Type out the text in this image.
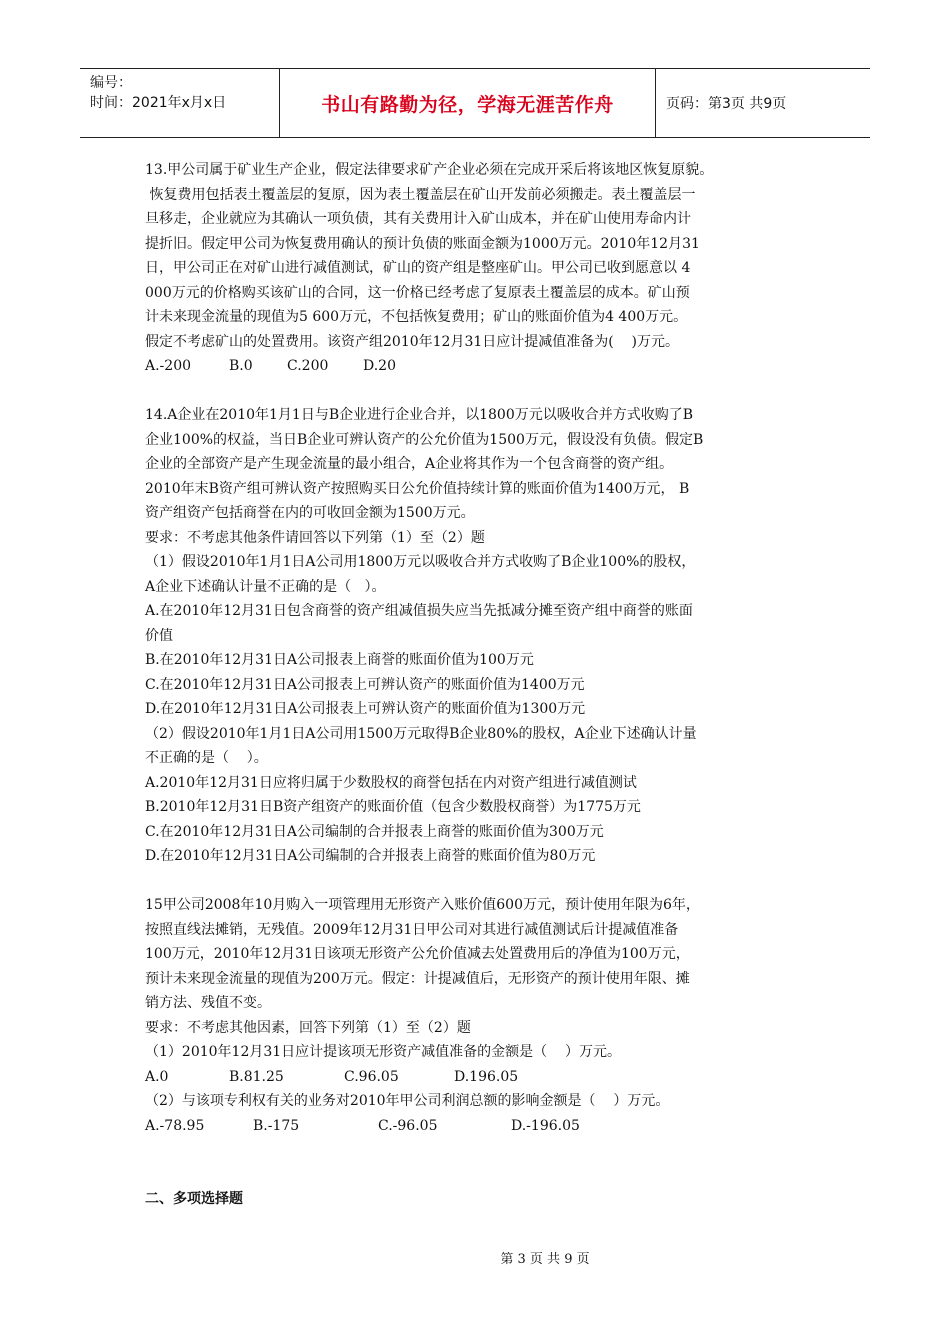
编号：
时间：2021年x月x日	书山有路勤为径，学海无涯苦作舟	页码：第3页 共9页

13.甲公司属于矿业生产企业，假定法律要求矿产企业必须在完成开采后将该地区恢复原貌。

恢复费用包括表土覆盖层的复原，因为表土覆盖层在矿山开发前必须搬走。表土覆盖层一

旦移走，企业就应为其确认一项负债，其有关费用计入矿山成本，并在矿山使用寿命内计

提折旧。假定甲公司为恢复费用确认的预计负债的账面金额为1000万元。2010年12月31

日，甲公司正在对矿山进行减值测试，矿山的资产组是整座矿山。甲公司已收到愿意以 4

000万元的价格购买该矿山的合同，这一价格已经考虑了复原表土覆盖层的成本。矿山预

计未来现金流量的现值为5 600万元，不包括恢复费用；矿山的账面价值为4 400万元。

假定不考虑矿山的处置费用。该资产组2010年12月31日应计提减值准备为(    )万元。

A.-200	B.0	C.200	D.20

14.A企业在2010年1月1日与B企业进行企业合并，以1800万元以吸收合并方式收购了B

企业100%的权益，当日B企业可辨认资产的公允价值为1500万元，假设没有负债。假定B

企业的全部资产是产生现金流量的最小组合，A企业将其作为一个包含商誉的资产组。

2010年末B资产组可辨认资产按照购买日公允价值持续计算的账面价值为1400万元， B

资产组资产包括商誉在内的可收回金额为1500万元。

要求：不考虑其他条件请回答以下列第（1）至（2）题

（1）假设2010年1月1日A公司用1800万元以吸收合并方式收购了B企业100%的股权，

A企业下述确认计量不正确的是（   ）。

A.在2010年12月31日包含商誉的资产组减值损失应当先抵减分摊至资产组中商誉的账面

价值

B.在2010年12月31日A公司报表上商誉的账面价值为100万元

C.在2010年12月31日A公司报表上可辨认资产的账面价值为1400万元

D.在2010年12月31日A公司报表上可辨认资产的账面价值为1300万元

（2）假设2010年1月1日A公司用1500万元取得B企业80%的股权，A企业下述确认计量

不正确的是（    ）。

A.2010年12月31日应将归属于少数股权的商誉包括在内对资产组进行减值测试

B.2010年12月31日B资产组资产的账面价值（包含少数股权商誉）为1775万元

C.在2010年12月31日A公司编制的合并报表上商誉的账面价值为300万元

D.在2010年12月31日A公司编制的合并报表上商誉的账面价值为80万元

15甲公司2008年10月购入一项管理用无形资产入账价值600万元，预计使用年限为6年，

按照直线法摊销，无残值。2009年12月31日甲公司对其进行减值测试后计提减值准备

100万元，2010年12月31日该项无形资产公允价值减去处置费用后的净值为100万元，

预计未来现金流量的现值为200万元。假定：计提减值后，无形资产的预计使用年限、摊

销方法、残值不变。

要求：不考虑其他因素，回答下列第（1）至（2）题

（1）2010年12月31日应计提该项无形资产减值准备的金额是（    ）万元。

A.0	B.81.25	C.96.05	D.196.05

（2）与该项专利权有关的业务对2010年甲公司利润总额的影响金额是（    ）万元。

A.-78.95	B.-175	C.-96.05	D.-196.05
二、多项选择题
第 3 页 共 9 页
